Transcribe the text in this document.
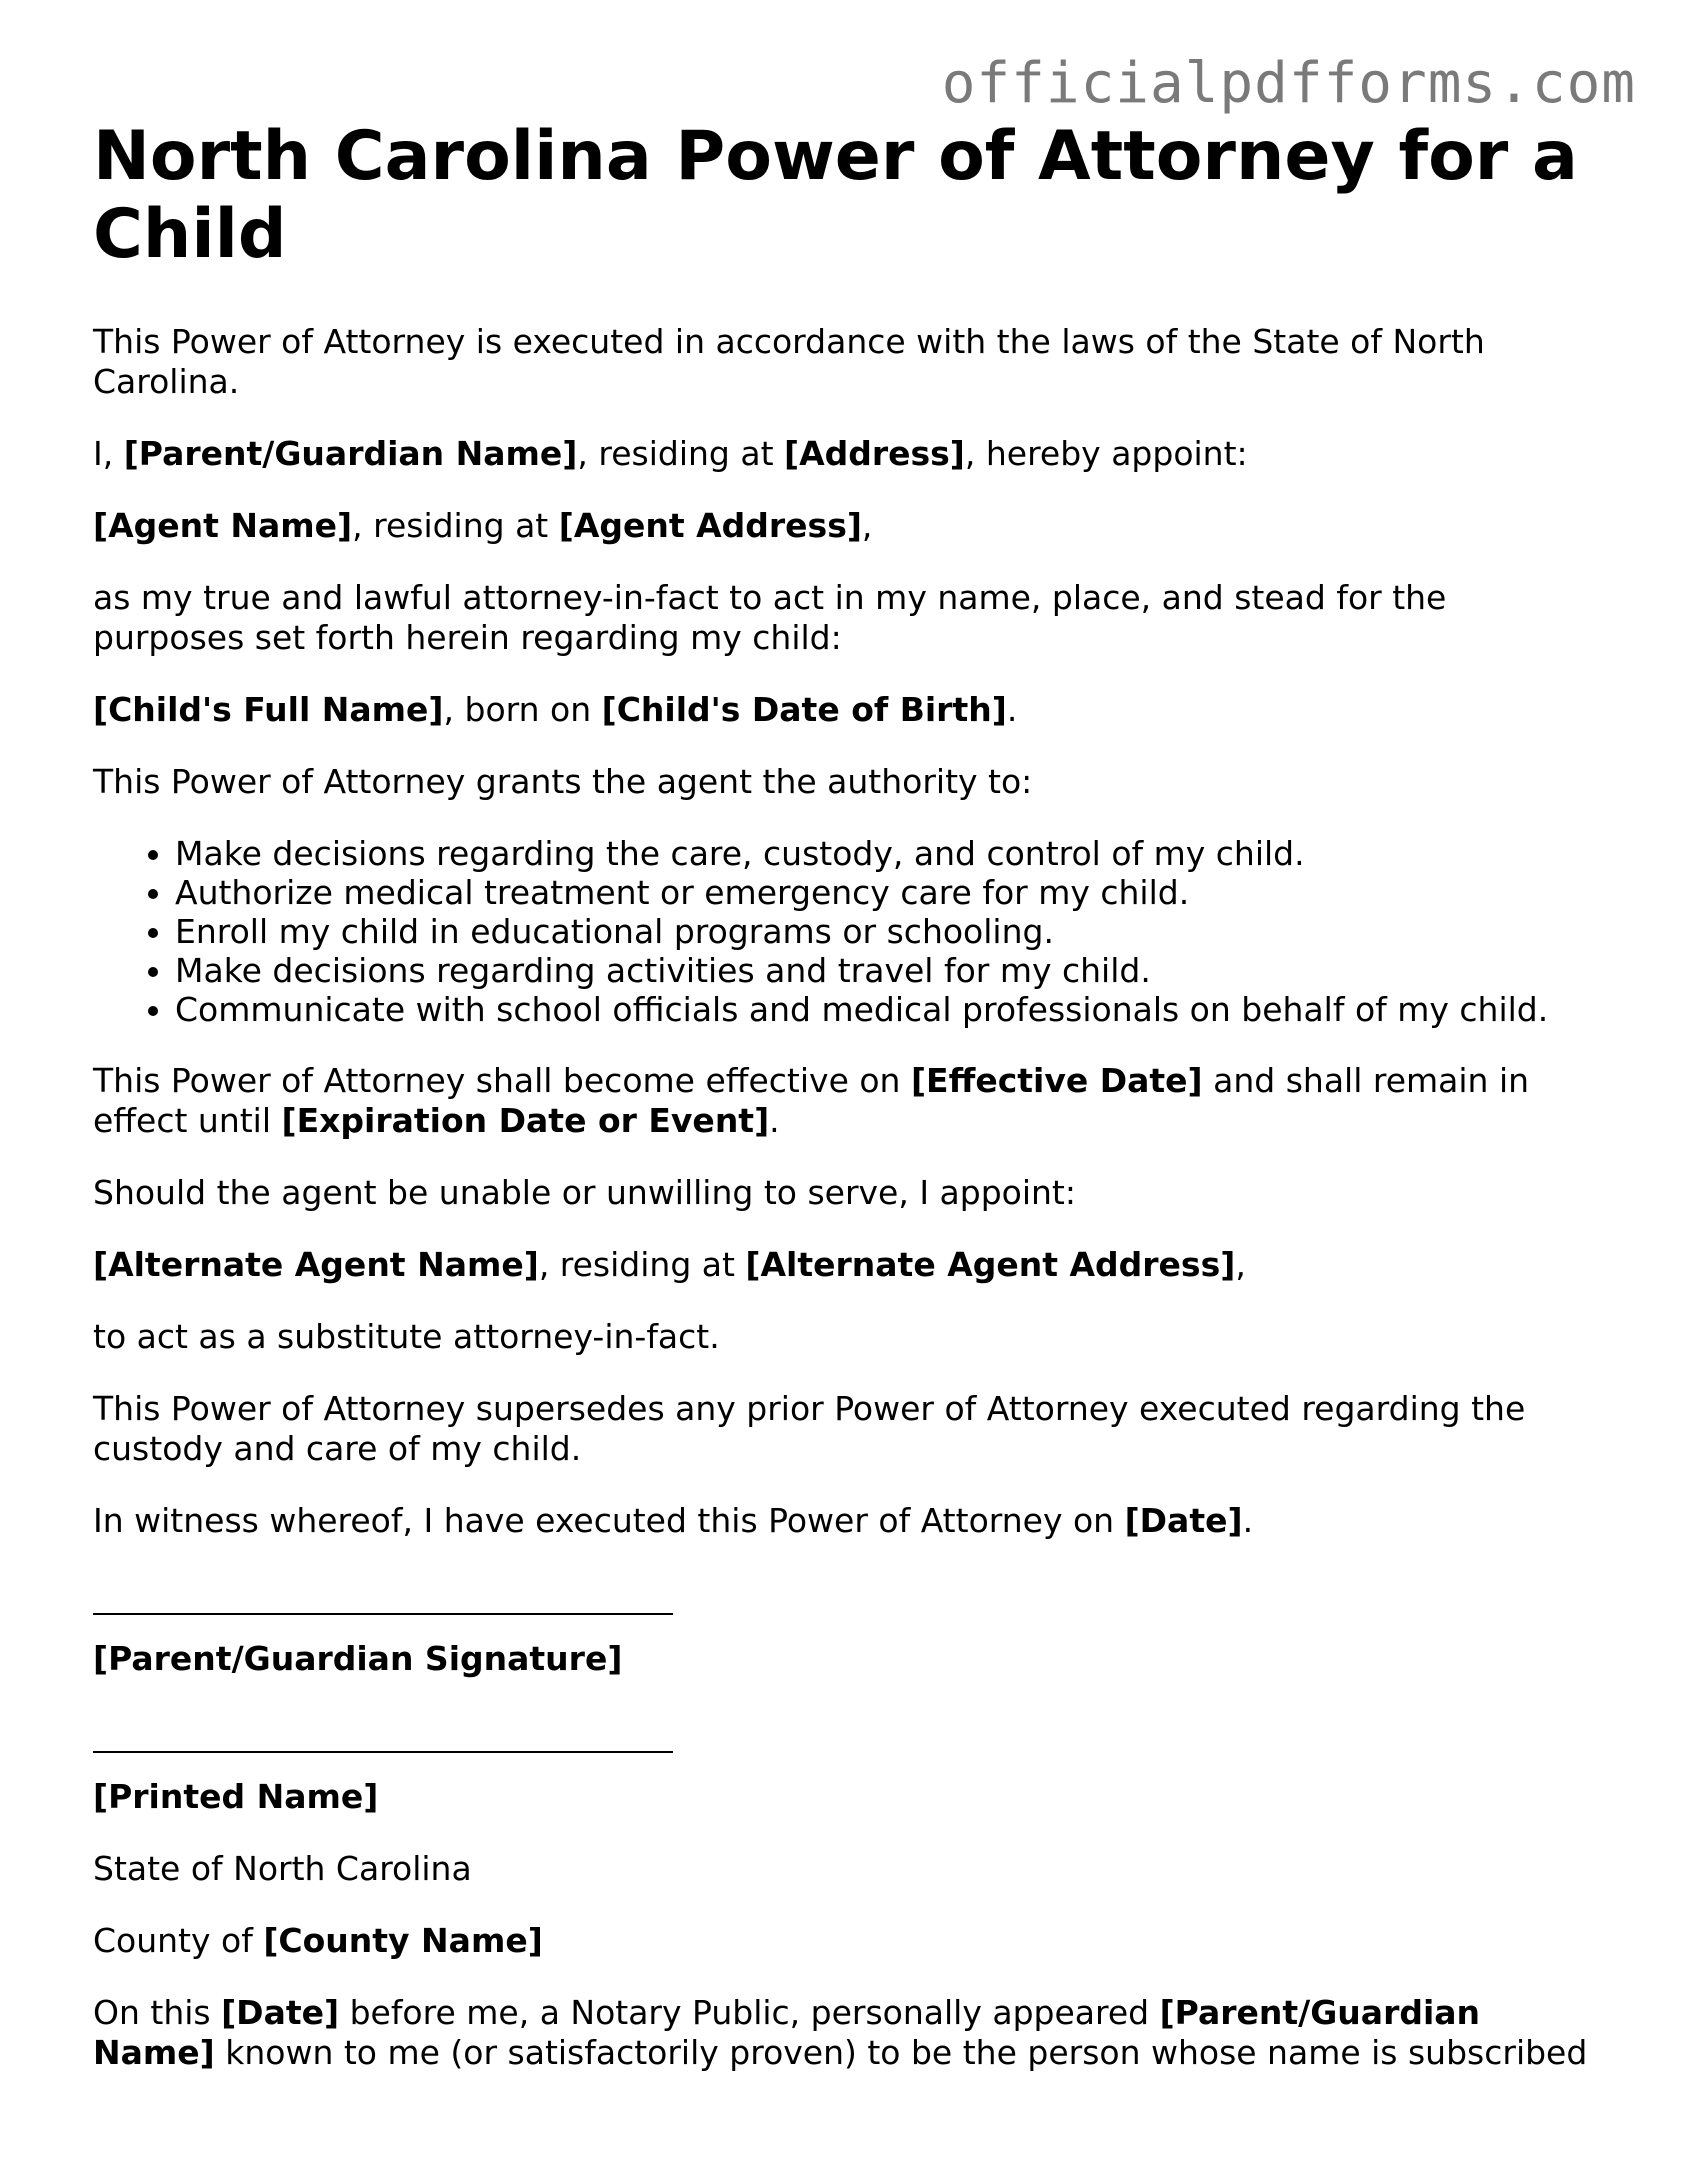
officialpdfforms.com

North Carolina Power of Attorney for a Child

This Power of Attorney is executed in accordance with the laws of the State of North Carolina.

I, [Parent/Guardian Name], residing at [Address], hereby appoint:

[Agent Name], residing at [Agent Address],

as my true and lawful attorney-in-fact to act in my name, place, and stead for the purposes set forth herein regarding my child:

[Child's Full Name], born on [Child's Date of Birth].

This Power of Attorney grants the agent the authority to:

• Make decisions regarding the care, custody, and control of my child.
• Authorize medical treatment or emergency care for my child.
• Enroll my child in educational programs or schooling.
• Make decisions regarding activities and travel for my child.
• Communicate with school officials and medical professionals on behalf of my child.

This Power of Attorney shall become effective on [Effective Date] and shall remain in effect until [Expiration Date or Event].

Should the agent be unable or unwilling to serve, I appoint:

[Alternate Agent Name], residing at [Alternate Agent Address],

to act as a substitute attorney-in-fact.

This Power of Attorney supersedes any prior Power of Attorney executed regarding the custody and care of my child.

In witness whereof, I have executed this Power of Attorney on [Date].

[Parent/Guardian Signature]

[Printed Name]

State of North Carolina

County of [County Name]

On this [Date] before me, a Notary Public, personally appeared [Parent/Guardian Name] known to me (or satisfactorily proven) to be the person whose name is subscribed
